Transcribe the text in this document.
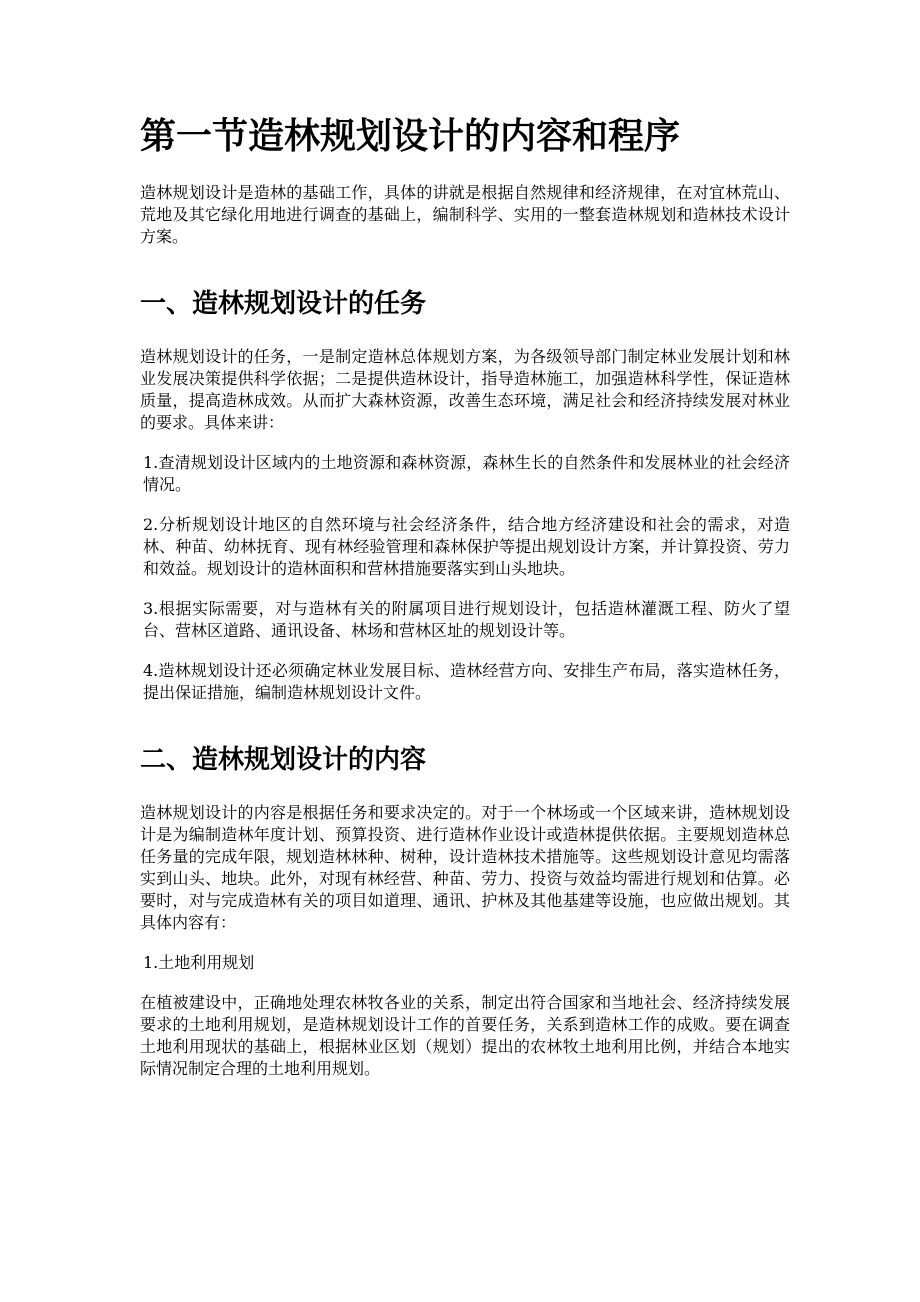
第一节造林规划设计的内容和程序

造林规划设计是造林的基础工作，具体的讲就是根据自然规律和经济规律，在对宜林荒山、荒地及其它绿化用地进行调查的基础上，编制科学、实用的一整套造林规划和造林技术设计方案。

一、造林规划设计的任务

造林规划设计的任务，一是制定造林总体规划方案，为各级领导部门制定林业发展计划和林业发展决策提供科学依据；二是提供造林设计，指导造林施工，加强造林科学性，保证造林质量，提高造林成效。从而扩大森林资源，改善生态环境，满足社会和经济持续发展对林业的要求。具体来讲：

1.查清规划设计区域内的土地资源和森林资源，森林生长的自然条件和发展林业的社会经济情况。

2.分析规划设计地区的自然环境与社会经济条件，结合地方经济建设和社会的需求，对造林、种苗、幼林抚育、现有林经验管理和森林保护等提出规划设计方案，并计算投资、劳力和效益。规划设计的造林面积和营林措施要落实到山头地块。

3.根据实际需要，对与造林有关的附属项目进行规划设计，包括造林灌溉工程、防火了望台、营林区道路、通讯设备、林场和营林区址的规划设计等。

4.造林规划设计还必须确定林业发展目标、造林经营方向、安排生产布局，落实造林任务，提出保证措施，编制造林规划设计文件。

二、造林规划设计的内容

造林规划设计的内容是根据任务和要求决定的。对于一个林场或一个区域来讲，造林规划设计是为编制造林年度计划、预算投资、进行造林作业设计或造林提供依据。主要规划造林总任务量的完成年限，规划造林林种、树种，设计造林技术措施等。这些规划设计意见均需落实到山头、地块。此外，对现有林经营、种苗、劳力、投资与效益均需进行规划和估算。必要时，对与完成造林有关的项目如道理、通讯、护林及其他基建等设施，也应做出规划。其具体内容有：

1.土地利用规划

在植被建设中，正确地处理农林牧各业的关系，制定出符合国家和当地社会、经济持续发展要求的土地利用规划，是造林规划设计工作的首要任务，关系到造林工作的成败。要在调查土地利用现状的基础上，根据林业区划（规划）提出的农林牧土地利用比例，并结合本地实际情况制定合理的土地利用规划。
